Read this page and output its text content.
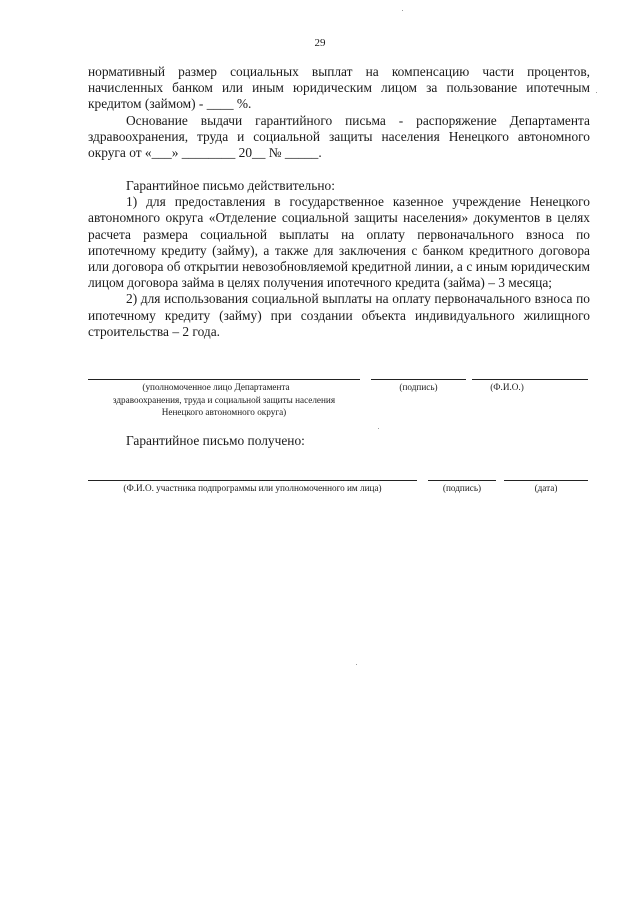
29

нормативный размер социальных выплат на компенсацию части процентов, начисленных банком или иным юридическим лицом за пользование ипотечным кредитом (займом) - ____ %.

Основание выдачи гарантийного письма - распоряжение Департамента здравоохранения, труда и социальной защиты населения Ненецкого автономного округа от «___» ________ 20__ № _____.

Гарантийное письмо действительно:

1) для предоставления в государственное казенное учреждение Ненецкого автономного округа «Отделение социальной защиты населения» документов в целях расчета размера социальной выплаты на оплату первоначального взноса по ипотечному кредиту (займу), а также для заключения с банком кредитного договора или договора об открытии невозобновляемой кредитной линии, а с иным юридическим лицом договора займа в целях получения ипотечного кредита (займа) – 3 месяца;

2) для использования социальной выплаты на оплату первоначального взноса по ипотечному кредиту (займу) при создании объекта индивидуального жилищного строительства – 2 года.

(уполномоченное лицо Департамента
здравоохранения, труда и социальной защиты населения
Ненецкого автономного округа)
(подпись)	(Ф.И.О.)
Гарантийное письмо получено:
(Ф.И.О. участника подпрограммы или уполномоченного им лица)	(подпись)	(дата)
